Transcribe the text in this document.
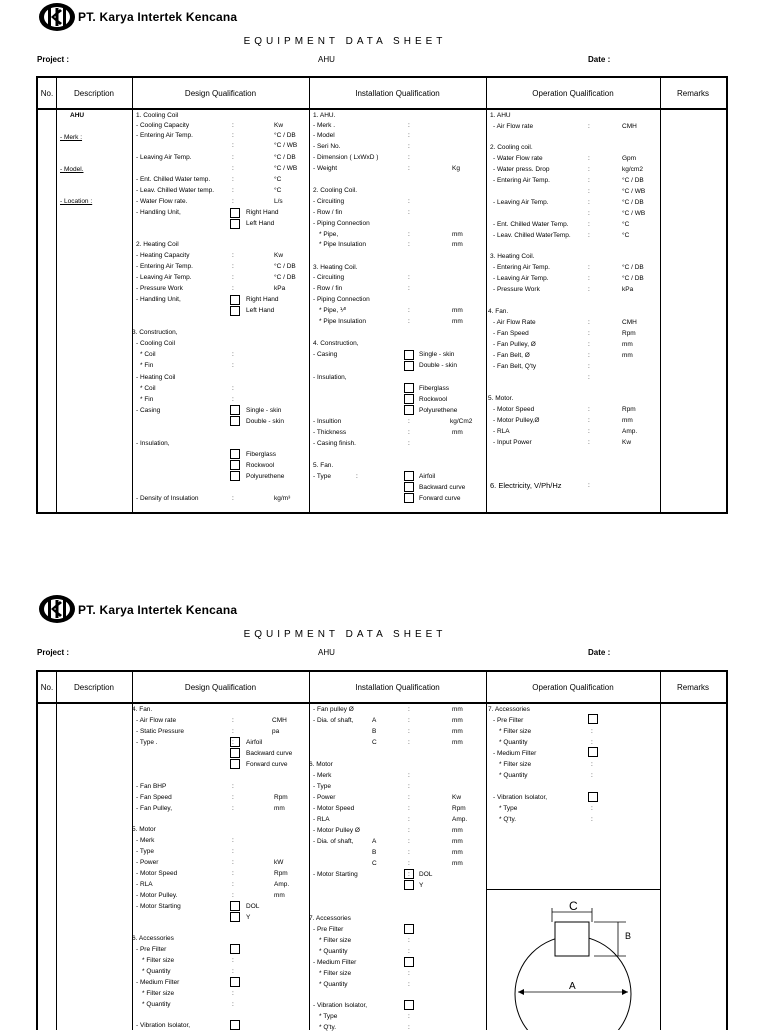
PT. Karya Intertek Kencana
EQUIPMENT DATA SHEET
Project :	AHU	Date :
No.	Description	Design Qualification	Installation Qualification	Operation Qualification	Remarks
AHU
- Merk :
- Model.
- Location :
1. Cooling Coil
- Cooling Capacity	:	Kw
- Entering Air Temp.	:	°C / DB
:	°C / WB
- Leaving Air Temp.	:	°C / DB
:	°C / WB
- Ent. Chilled Water temp.	:	°C
- Leav. Chilled Water temp.	:	°C
- Water Flow rate.	:	L/s
- Handling Unit,	Right Hand
Left Hand
2. Heating Coil
- Heating Capacity	:	Kw
- Entering Air Temp.	:	°C / DB
- Leaving Air Temp.	:	°C / DB
- Pressure Work	:	kPa
- Handling Unit,	Right Hand
Left Hand
3. Construction,
- Cooling Coil
* Coil	:
* Fin	:
- Heating Coil
* Coil	:
* Fin	:
- Casing	Single - skin
Double - skin
- Insulation,
Fiberglass
Rockwool
Polyurethene
- Density of Insulation	:	kg/m³
1. AHU.
- Merk .	:
- Model	:
- Seri No.	:
- Dimension ( LxWxD )	:
- Weight	:	Kg
2. Cooling Coil.
- Circuiting	:
- Row / fin	:
- Piping Connection
* Pipe,	:	mm
* Pipe Insulation	:	mm
3. Heating Coil.
- Circuiting	:
- Row / fin	:
- Piping Connection
* Pipe, ⅟⁰	:	mm
* Pipe Insulation	:	mm
4. Construction,
- Casing	Single - skin
Double - skin
- Insulation,
Fiberglass
Rockwool
Polyurethene
- Insultion	:	kg/Cm2
- Thickness	:	mm
- Casing finish.	:
5. Fan.
- Type	:	Airfoil
Backward curve
Forward curve
1. AHU
- Air Flow rate	:	CMH
2. Cooling coil.
- Water Flow rate	:	Gpm
- Water press. Drop	:	kg/cm2
- Entering Air Temp.	:	°C / DB
:	°C / WB
- Leaving Air Temp.	:	°C / DB
:	°C / WB
- Ent. Chilled Water Temp.	:	°C
- Leav. Chilled WaterTemp.	:	°C
3. Heating Coil.
- Entering Air Temp.	:	°C / DB
- Leaving Air Temp.	:	°C / DB
- Pressure Work	:	kPa
4. Fan.
- Air Flow Rate	:	CMH
- Fan Speed	:	Rpm
- Fan Pulley, Ø	:	mm
- Fan Belt, Ø	:	mm
- Fan Belt, Q'ty	:
:
5. Motor.
- Motor Speed	:	Rpm
- Motor Pulley,Ø	:	mm
- RLA	:	Amp.
- Input Power	:	Kw
6. Electricity, V/Ph/Hz	:
PT. Karya Intertek Kencana
EQUIPMENT DATA SHEET
Project :	AHU	Date :
No.	Description	Design Qualification	Installation Qualification	Operation Qualification	Remarks
4. Fan.
- Air Flow rate	:	CMH
- Static Pressure	:	pa
- Type .	: Airfoil
Backward curve
Forward curve
- Fan BHP	:
- Fan Speed	:	Rpm
- Fan Pulley,	:	mm
5. Motor
- Merk	:
- Type	:
- Power	:	kW
- Motor Speed	:	Rpm
- RLA	:	Amp.
- Motor Pulley.	:	mm
- Motor Starting	DOL
Y
6. Accessories
- Pre Filter
* Filter size	:
* Quantity	:
- Medium Filter
* Filter size	:
* Quantity	:
- Vibration Isolator,
- Fan pulley Ø	:	mm
- Dia. of shaft,	A	:	mm
B	:	mm
C	:	mm
6. Motor
- Merk	:
- Type	:
- Power	:	Kw
- Motor Speed	:	Rpm
- RLA	:	Amp.
- Motor Pulley Ø	:	mm
- Dia. of shaft,	A	:	mm
B	:	mm
C	:	mm
- Motor Starting	: DOL
Y
7. Accessories
- Pre Filter
* Filter size	:
* Quantity	:
- Medium Filter
* Filter size	:
* Quantity	:
- Vibration Isolator,
* Type	:
* Q'ty.	:
7. Accessories
- Pre Filter
* Filter size	:
* Quantity	:
- Medium Filter
* Filter size	:
* Quantity	:
- Vibration Isolator,
* Type	:
* Q'ty.	:
C
B
A
